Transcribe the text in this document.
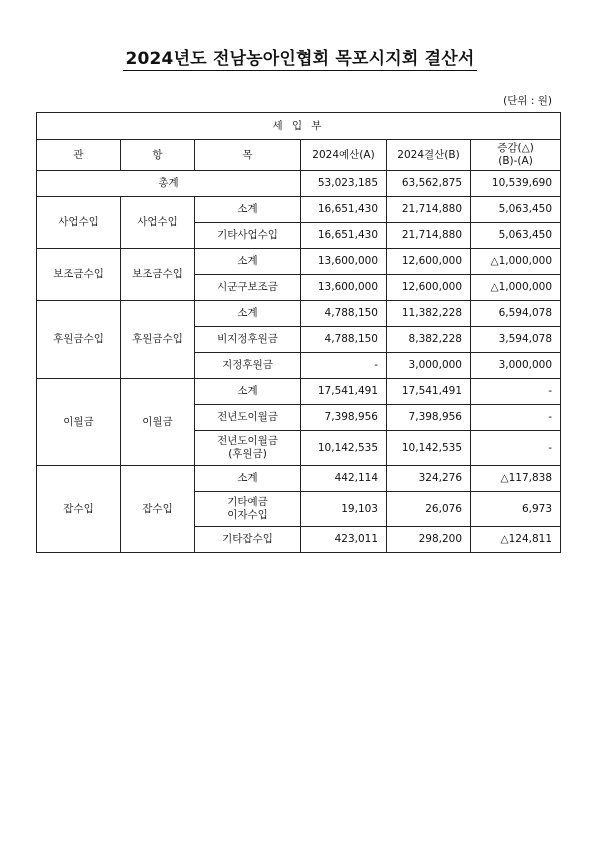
2024년도 전남농아인협회 목포시지회 결산서
(단위 : 원)
세 입 부					
관	항	목	2024예산(A)	2024결산(B)	증감(△)
(B)-(A)

총계			53,023,185	63,562,875	10,539,690
사업수입	사업수입	소계	16,651,430	21,714,880	5,063,450
		기타사업수입	16,651,430	21,714,880	5,063,450
보조금수입	보조금수입	소계	13,600,000	12,600,000	△1,000,000
		시군구보조금	13,600,000	12,600,000	△1,000,000
후원금수입	후원금수입	소계	4,788,150	11,382,228	6,594,078
		비지정후원금	4,788,150	8,382,228	3,594,078
		지정후원금	-	3,000,000	3,000,000
이월금	이월금	소계	17,541,491	17,541,491	-
		전년도이월금	7,398,956	7,398,956	-

		전년도이월금
(후원금)	10,142,535	10,142,535	-
잡수입	잡수입	소계	442,114	324,276	△117,838

		기타예금
이자수입	19,103	26,076	6,973
		기타잡수입	423,011	298,200	△124,811
